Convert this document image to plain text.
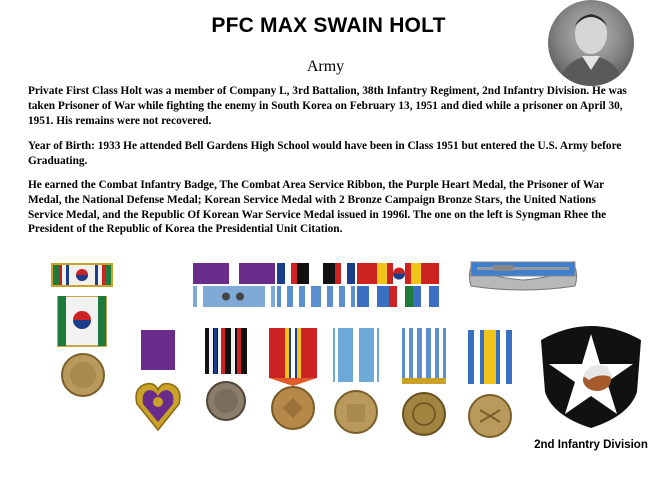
PFC MAX SWAIN HOLT
Army

Private First Class Holt was a member of Company L, 3rd Battalion, 38th Infantry Regiment, 2nd Infantry Division. He was taken Prisoner of War while fighting the enemy in South Korea on February 13, 1951 and died while a prisoner on April 30, 1951. His remains were not recovered.

Year of Birth: 1933 He attended Bell Gardens High School would have been in Class 1951 but entered the U.S. Army before Graduating.

He earned the Combat Infantry Badge, The Combat Area Service Ribbon, the Purple Heart Medal, the Prisoner of War Medal, the National Defense Medal; Korean Service Medal with 2 Bronze Campaign Bronze Stars, the United Nations Service Medal, and the Republic Of Korean War Service Medal issued in 1996l. The one on the left is Syngman Rhee the President of the Republic of Korea the Presidential Unit Citation.

2nd Infantry Division
